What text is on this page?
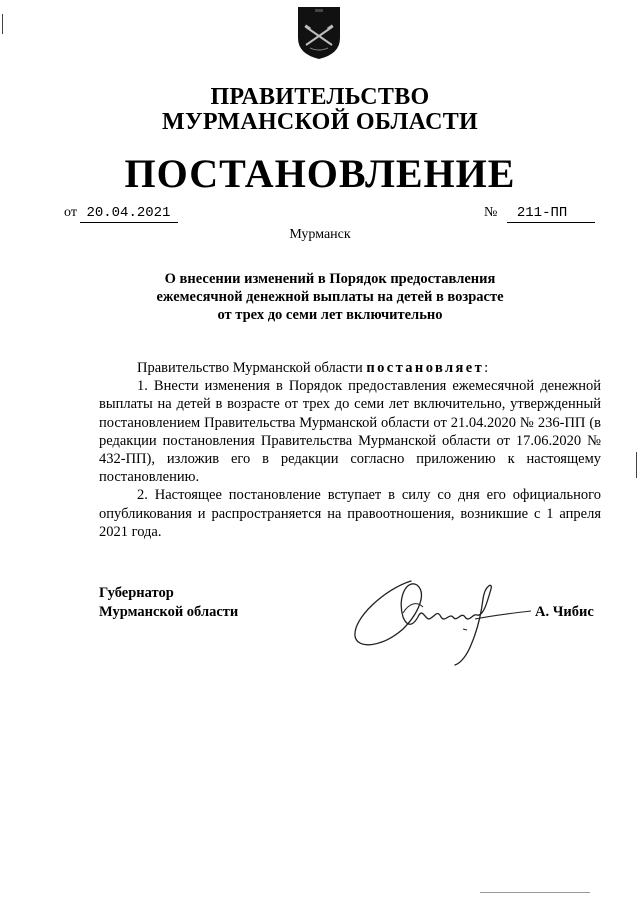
ПРАВИТЕЛЬСТВО
МУРМАНСКОЙ ОБЛАСТИ
ПОСТАНОВЛЕНИЕ
от 20.04.2021	№ 211-ПП
Мурманск
О внесении изменений в Порядок предоставления
ежемесячной денежной выплаты на детей в возрасте
от трех до семи лет включительно

Правительство Мурманской области постановляет:

1. Внести изменения в Порядок предоставления ежемесячной денежной выплаты на детей в возрасте от трех до семи лет включительно, утвержденный постановлением Правительства Мурманской области от 21.04.2020 № 236-ПП (в редакции постановления Правительства Мурманской области от 17.06.2020 № 432-ПП), изложив его в редакции согласно приложению к настоящему постановлению.

2. Настоящее постановление вступает в силу со дня его официального опубликования и распространяется на правоотношения, возникшие с 1 апреля 2021 года.

Губернатор
Мурманской области	А. Чибис
